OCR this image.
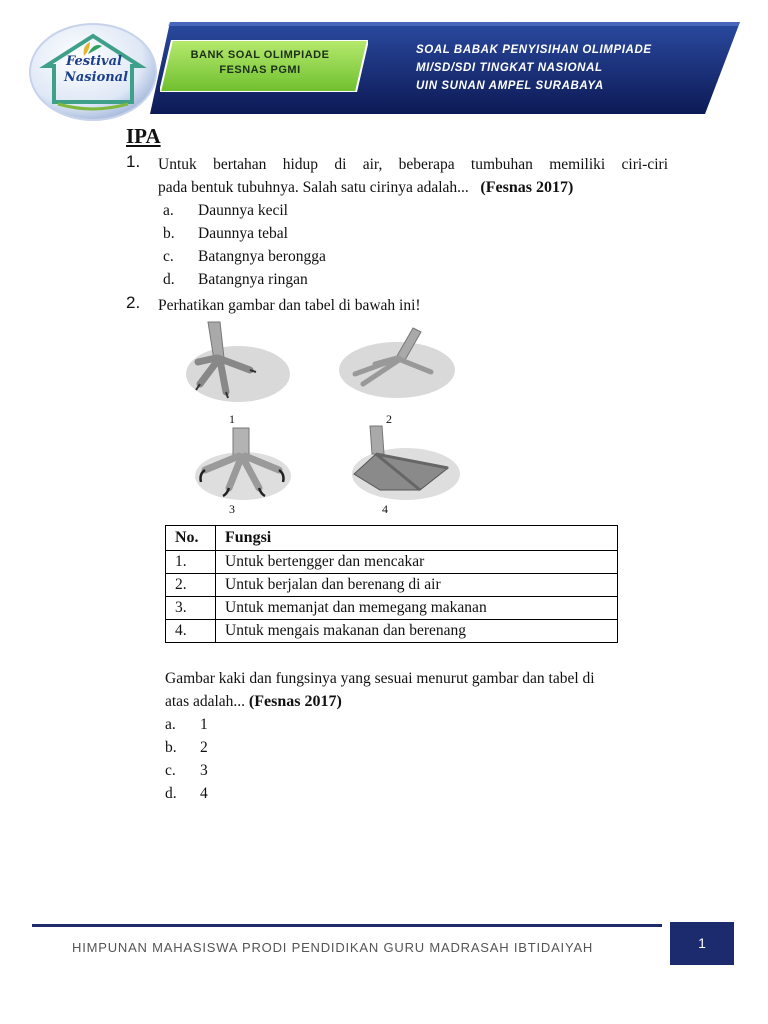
BANK SOAL OLIMPIADE
FESNAS PGMI
SOAL BABAK PENYISIHAN OLIMPIADE
MI/SD/SDI TINGKAT NASIONAL
UIN SUNAN AMPEL SURABAYA
Festival
Nasional
IPA
1. Untuk bertahan hidup di air, beberapa tumbuhan memiliki ciri-ciri
pada bentuk tubuhnya. Salah satu cirinya adalah... (Fesnas 2017)
a. Daunnya kecil
b. Daunnya tebal
c. Batangnya berongga
d. Batangnya ringan
2. Perhatikan gambar dan tabel di bawah ini!
1	2
3	4
No.	Fungsi
1.	Untuk bertengger dan mencakar
2.	Untuk berjalan dan berenang di air
3.	Untuk memanjat dan memegang makanan
4.	Untuk mengais makanan dan berenang
Gambar kaki dan fungsinya yang sesuai menurut gambar dan tabel di
atas adalah... (Fesnas 2017)
a. 1
b. 2
c. 3
d. 4
HIMPUNAN MAHASISWA PRODI PENDIDIKAN GURU MADRASAH IBTIDAIYAH	1
